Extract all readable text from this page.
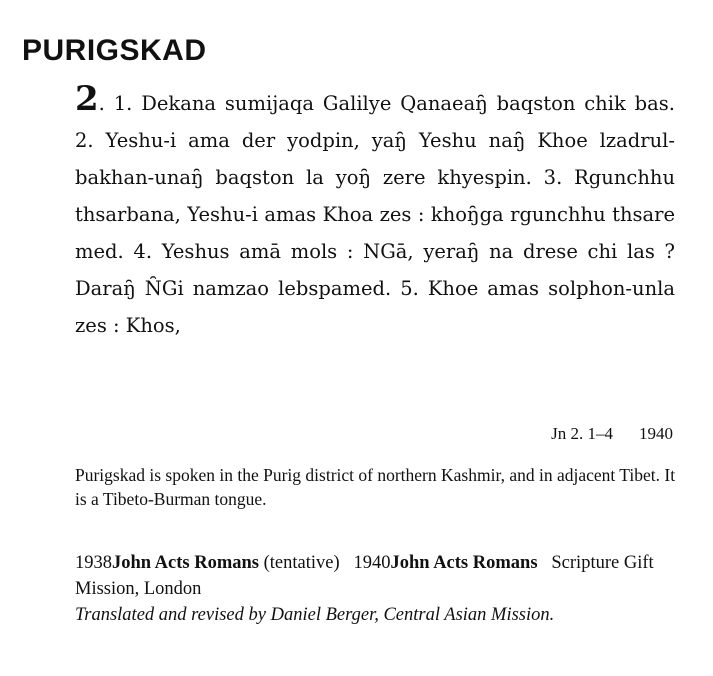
PURIGSKAD
2. 1. Dekana sumijaqa Galilye Qanaeaŋ̑ baqston chik bas. 2. Yeshu-i ama der yodpin, yaŋ̑ Yeshu naŋ̑ Khoe lzadrul-bakhan-unaŋ̑ baqston la yoŋ̑ zere khyespin. 3. Rgunchhu thsarbana, Yeshu-i amas Khoa zes : khoŋ̑ga rgunchhu thsare med. 4. Yeshus amā mols : NGā, yeraŋ̑ na drese chi las ? Daraŋ̑ N̑Gi namzao lebspamed. 5. Khoe amas solphon-unla zes : Khos,
Jn 2. 1–4 1940
Purigskad is spoken in the Purig district of northern Kashmir, and in adjacent Tibet. It is a Tibeto-Burman tongue.
1938John Acts Romans (tentative) 1940John Acts Romans Scripture Gift Mission, London
Translated and revised by Daniel Berger, Central Asian Mission.
